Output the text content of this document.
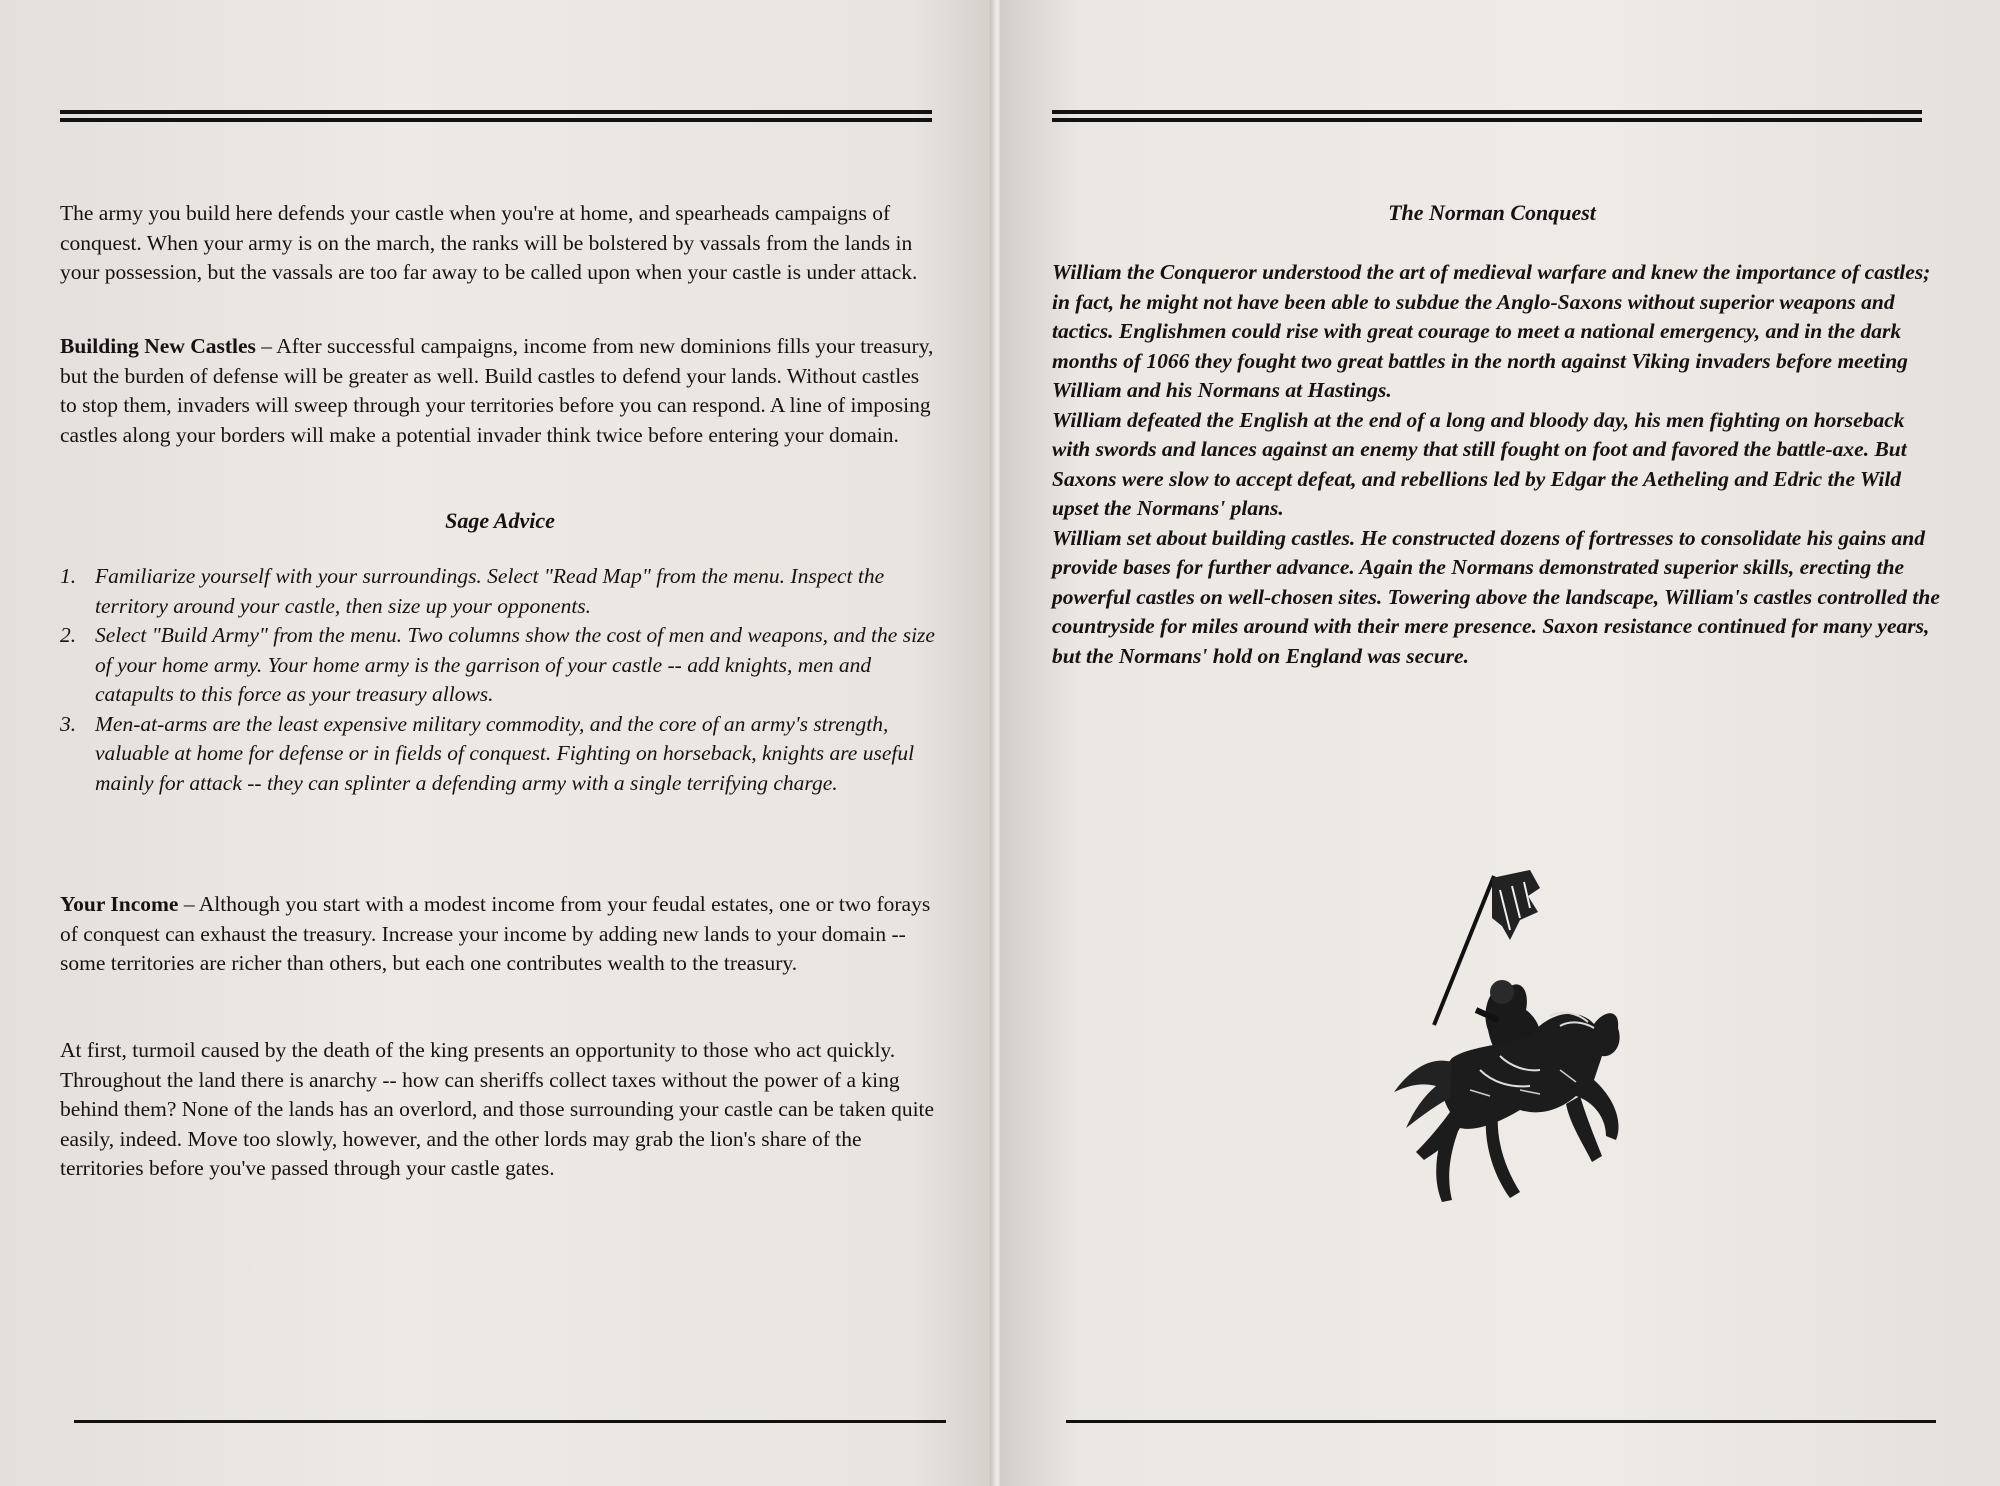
The army you build here defends your castle when you're at home, and spearheads campaigns of conquest. When your army is on the march, the ranks will be bolstered by vassals from the lands in your possession, but the vassals are too far away to be called upon when your castle is under attack.

Building New Castles – After successful campaigns, income from new dominions fills your treasury, but the burden of defense will be greater as well. Build castles to defend your lands. Without castles to stop them, invaders will sweep through your territories before you can respond. A line of imposing castles along your borders will make a potential invader think twice before entering your domain.

Sage Advice
1. Familiarize yourself with your surroundings. Select "Read Map" from the menu. Inspect the territory around your castle, then size up your opponents.
2. Select "Build Army" from the menu. Two columns show the cost of men and weapons, and the size of your home army. Your home army is the garrison of your castle -- add knights, men and catapults to this force as your treasury allows.
3. Men-at-arms are the least expensive military commodity, and the core of an army's strength, valuable at home for defense or in fields of conquest. Fighting on horseback, knights are useful mainly for attack -- they can splinter a defending army with a single terrifying charge.

Your Income – Although you start with a modest income from your feudal estates, one or two forays of conquest can exhaust the treasury. Increase your income by adding new lands to your domain -- some territories are richer than others, but each one contributes wealth to the treasury.

At first, turmoil caused by the death of the king presents an opportunity to those who act quickly. Throughout the land there is anarchy -- how can sheriffs collect taxes without the power of a king behind them? None of the lands has an overlord, and those surrounding your castle can be taken quite easily, indeed. Move too slowly, however, and the other lords may grab the lion's share of the territories before you've passed through your castle gates.

The Norman Conquest

William the Conqueror understood the art of medieval warfare and knew the importance of castles; in fact, he might not have been able to subdue the Anglo-Saxons without superior weapons and tactics. Englishmen could rise with great courage to meet a national emergency, and in the dark months of 1066 they fought two great battles in the north against Viking invaders before meeting William and his Normans at Hastings.

William defeated the English at the end of a long and bloody day, his men fighting on horseback with swords and lances against an enemy that still fought on foot and favored the battle-axe. But Saxons were slow to accept defeat, and rebellions led by Edgar the Aetheling and Edric the Wild upset the Normans' plans.

William set about building castles. He constructed dozens of fortresses to consolidate his gains and provide bases for further advance. Again the Normans demonstrated superior skills, erecting the powerful castles on well-chosen sites. Towering above the landscape, William's castles controlled the countryside for miles around with their mere presence. Saxon resistance continued for many years, but the Normans' hold on England was secure.
